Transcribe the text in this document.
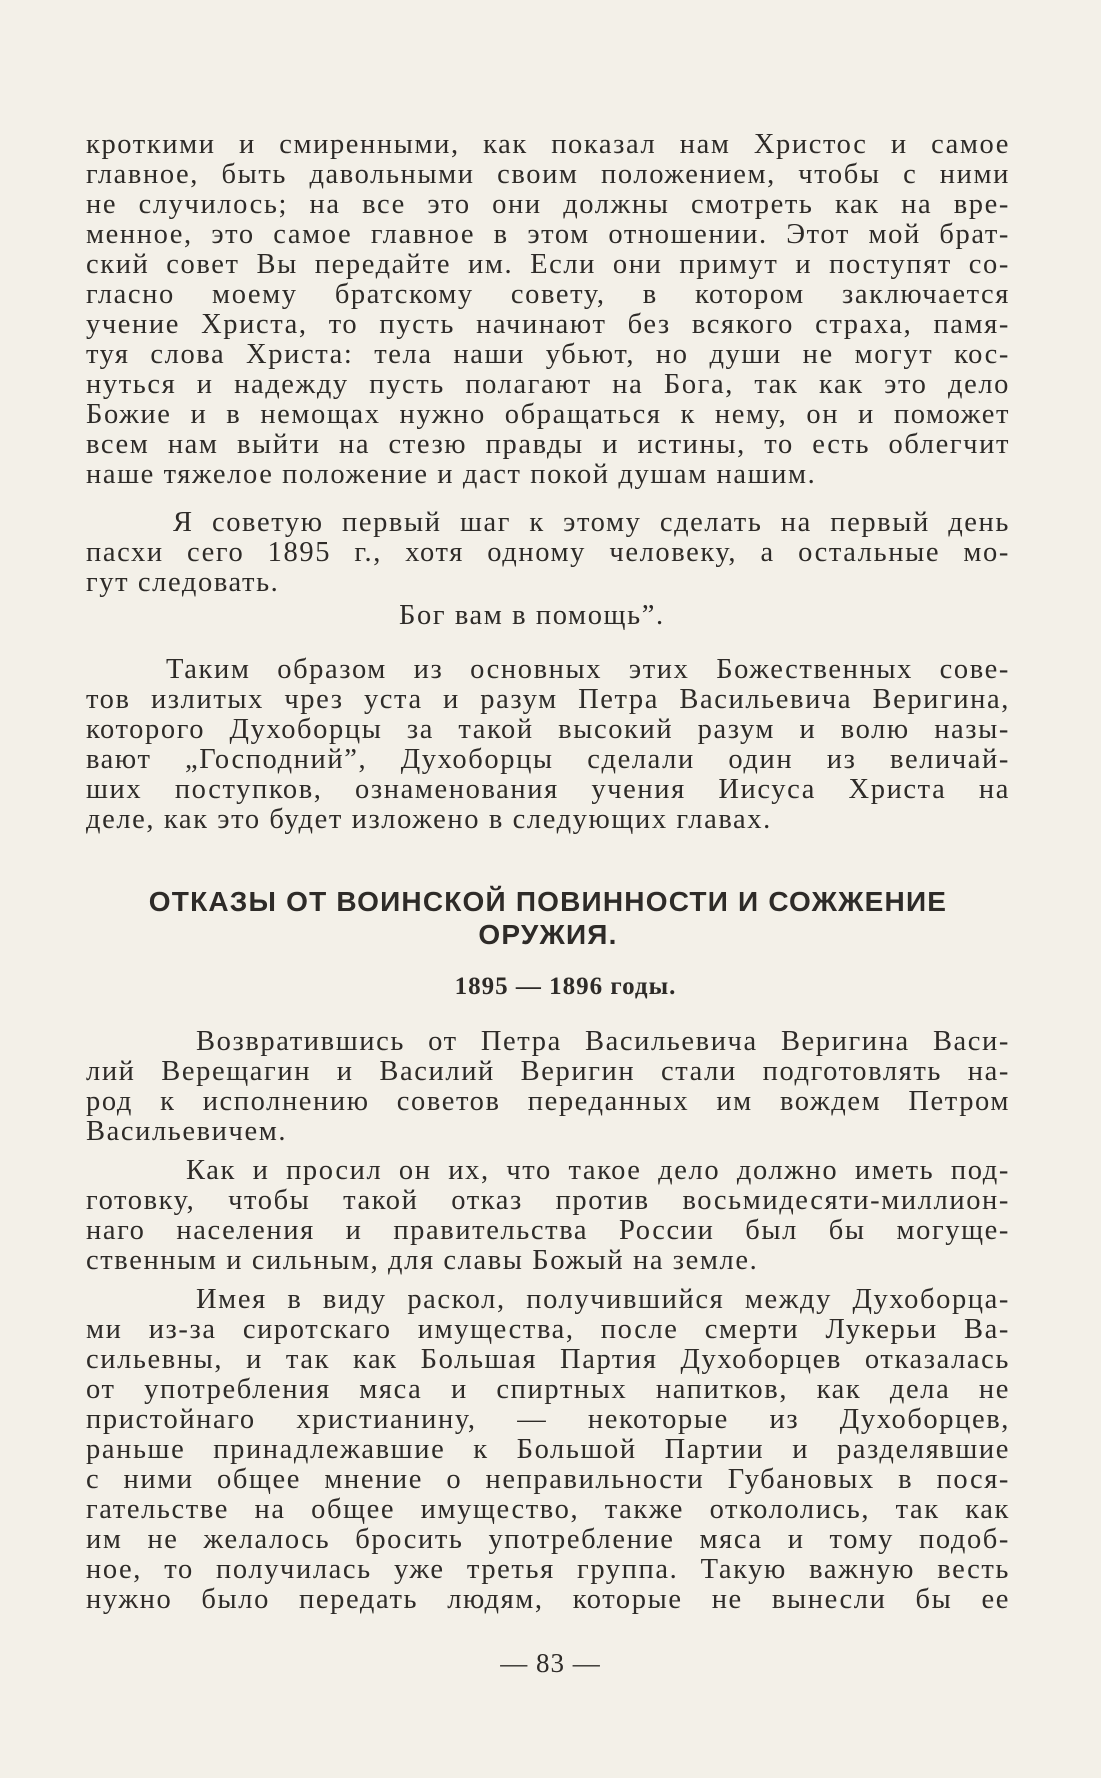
кроткими и смиренными, как показал нам Христос и самое
главное, быть давольными своим положением, чтобы с ними
не случилось; на все это они должны смотреть как на вре-
менное, это самое главное в этом отношении. Этот мой брат-
ский совет Вы передайте им. Если они примут и поступят со-
гласно моему братскому совету, в котором заключается
учение Христа, то пусть начинают без всякого страха, памя-
туя слова Христа: тела наши убьют, но души не могут кос-
нуться и надежду пусть полагают на Бога, так как это дело
Божие и в немощах нужно обращаться к нему, он и поможет
всем нам выйти на стезю правды и истины, то есть облегчит
наше тяжелое положение и даст покой душам нашим.
Я советую первый шаг к этому сделать на первый день
пасхи сего 1895 г., хотя одному человеку, а остальные мо-
гут следовать.
Бог вам в помощь”.
Таким образом из основных этих Божественных сове-
тов излитых чрез уста и разум Петра Васильевича Веригина,
которого Духоборцы за такой высокий разум и волю назы-
вают „Господний”, Духоборцы сделали один из величай-
ших поступков, ознаменования учения Иисуса Христа на
деле, как это будет изложено в следующих главах.
ОТКАЗЫ ОТ ВОИНСКОЙ ПОВИННОСТИ И СОЖЖЕНИЕ
ОРУЖИЯ.
1895 — 1896 годы.
Возвратившись от Петра Васильевича Веригина Васи-
лий Верещагин и Василий Веригин стали подготовлять на-
род к исполнению советов переданных им вождем Петром
Васильевичем.
Как и просил он их, что такое дело должно иметь под-
готовку, чтобы такой отказ против восьмидесяти-миллион-
наго населения и правительства России был бы могуще-
ственным и сильным, для славы Божый на земле.
Имея в виду раскол, получившийся между Духоборца-
ми из-за сиротскаго имущества, после смерти Лукерьи Ва-
сильевны, и так как Большая Партия Духоборцев отказалась
от употребления мяса и спиртных напитков, как дела не
пристойнаго христианину, — некоторые из Духоборцев,
раньше принадлежавшие к Большой Партии и разделявшие
с ними общее мнение о неправильности Губановых в пося-
гательстве на общее имущество, также откололись, так как
им не желалось бросить употребление мяса и тому подоб-
ное, то получилась уже третья группа. Такую важную весть
нужно было передать людям, которые не вынесли бы ее
— 83 —
